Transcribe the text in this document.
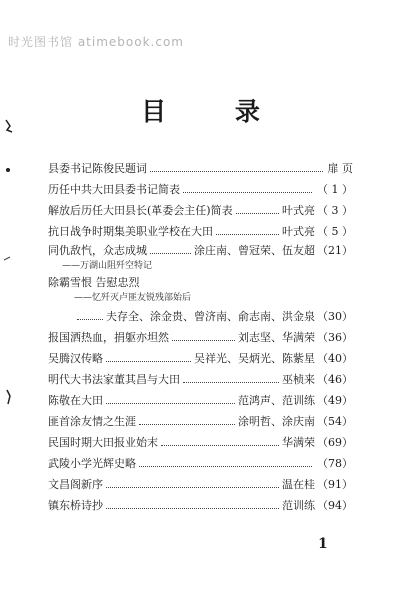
时光图书馆 atimebook.com
目 录
县委书记陈俊民题词	扉 页
历任中共大田县委书记简表	（ 1 ）
解放后历任大田县长(革委会主任)简表	叶式亮 （ 3 ）
抗日战争时期集美职业学校在大田	叶式亮 （ 5 ）
同仇敌忾，众志成城	涂庄南、曾冠荣、伍友超 （21）
——万湖山阻歼空特记
除霸雪恨 告慰忠烈
——忆歼灭卢匪友锐残部始后
夫存全、涂金贵、曾济南、俞志南、洪金泉 （30）
报国洒热血，捐躯亦坦然	刘志坚、华满荣 （36）
吴腾汉传略	吴祥光、吴炳光、陈紫星 （40）
明代大书法家董其昌与大田	巫桢来 （46）
陈敬在大田	范鸿声、范训练 （49）
匪首涂友情之生涯	涂明哲、涂庆南 （54）
民国时期大田报业始末	华满荣 （69）
武陵小学光辉史略	（78）
文昌阁新序	温在桂 （91）
镇东桥诗抄	范训练 （94）
1
